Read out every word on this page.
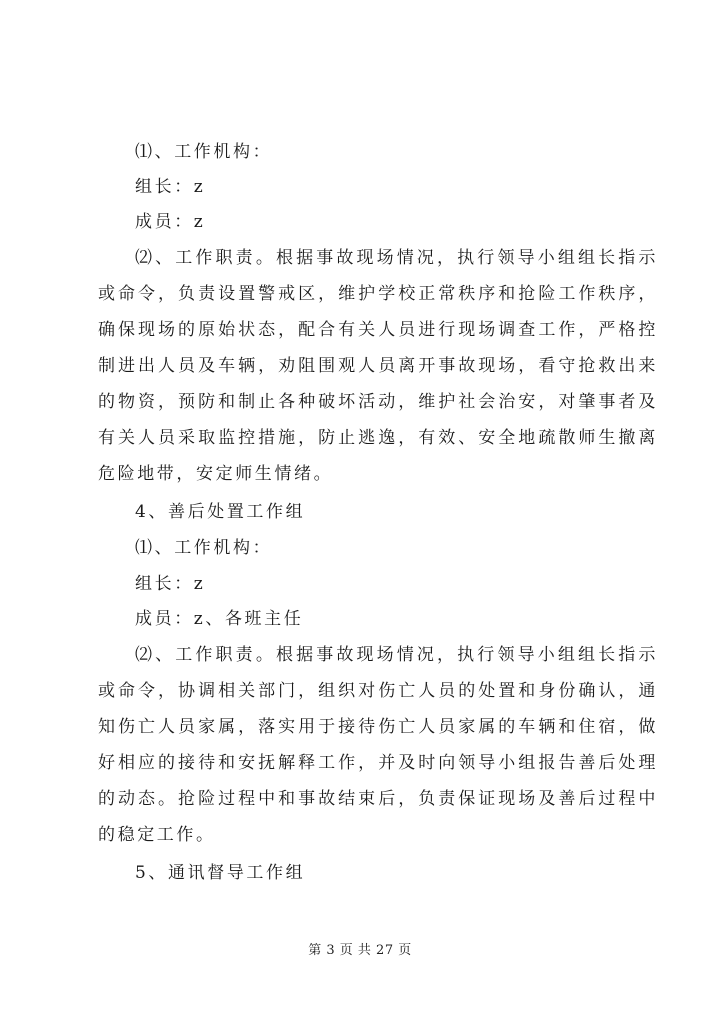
⑴、工作机构：
组长：z
成员：z
⑵、工作职责。根据事故现场情况，执行领导小组组长指示
或命令，负责设置警戒区，维护学校正常秩序和抢险工作秩序，
确保现场的原始状态，配合有关人员进行现场调查工作，严格控
制进出人员及车辆，劝阻围观人员离开事故现场，看守抢救出来
的物资，预防和制止各种破坏活动，维护社会治安，对肇事者及
有关人员采取监控措施，防止逃逸，有效、安全地疏散师生撤离
危险地带，安定师生情绪。
4、善后处置工作组
⑴、工作机构：
组长：z
成员：z、各班主任
⑵、工作职责。根据事故现场情况，执行领导小组组长指示
或命令，协调相关部门，组织对伤亡人员的处置和身份确认，通
知伤亡人员家属，落实用于接待伤亡人员家属的车辆和住宿，做
好相应的接待和安抚解释工作，并及时向领导小组报告善后处理
的动态。抢险过程中和事故结束后，负责保证现场及善后过程中
的稳定工作。
5、通讯督导工作组
第 3 页 共 27 页
